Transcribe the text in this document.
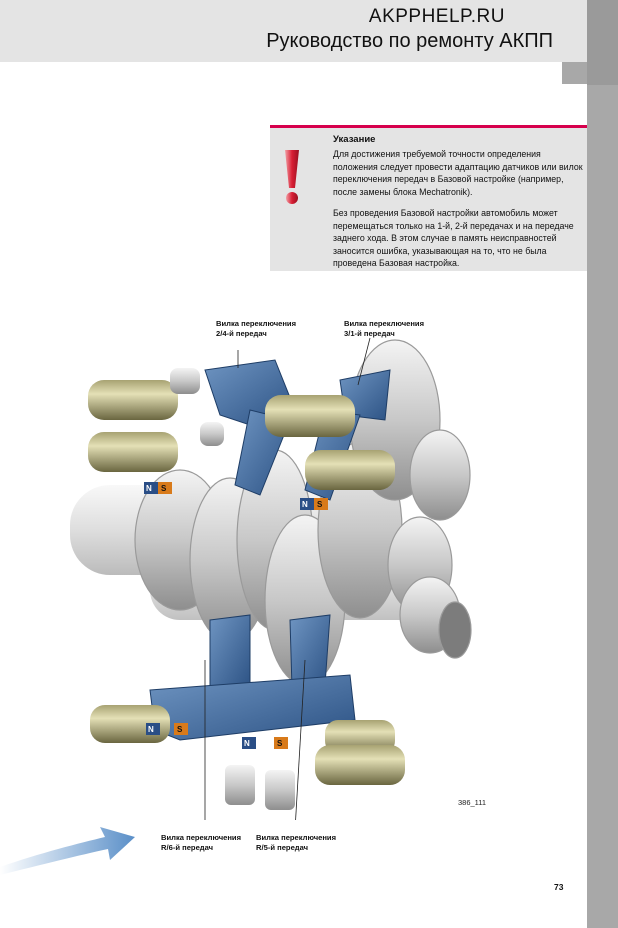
AKPPHELP.RU
Руководство по ремонту АКПП
Указание

Для достижения требуемой точности определения положения следует провести адаптацию датчиков или вилок переключения передач в Базовой настройке (например, после замены блока Mechatronik).

Без проведения Базовой настройки автомобиль может перемещаться только на 1-й, 2-й передачах и на передаче заднего хода. В этом случае в память неисправностей заносится ошибка, указывающая на то, что не была проведена Базовая настройка.

N S
N S
N	S
N	S
Вилка переключения
2/4-й передач
Вилка переключения
3/1-й передач
Вилка переключения
R/6-й передач
Вилка переключения
R/5-й передач
386_111
73
